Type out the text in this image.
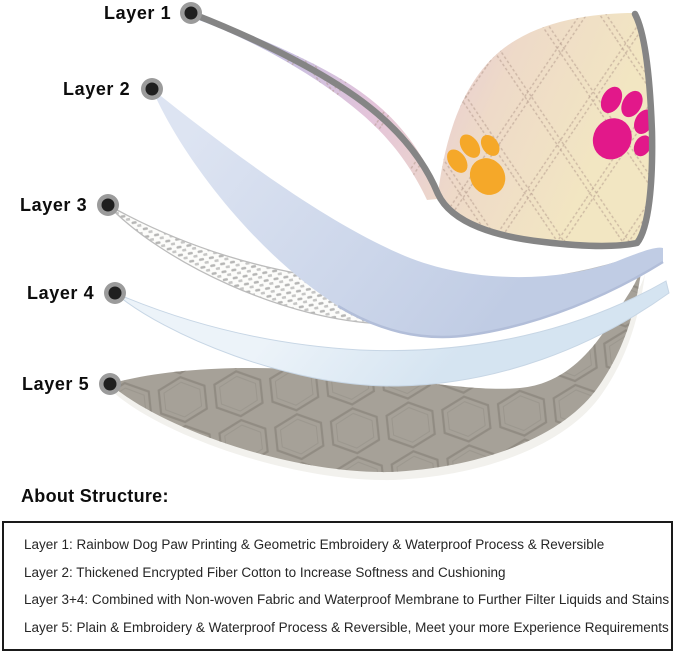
Layer 1
Layer 2
Layer 3
Layer 4
Layer 5
About Structure:
Layer 1: Rainbow Dog Paw Printing & Geometric Embroidery & Waterproof Process & Reversible
Layer 2: Thickened Encrypted Fiber Cotton to Increase Softness and Cushioning
Layer 3+4: Combined with Non-woven Fabric and Waterproof Membrane to Further Filter Liquids and Stains
Layer 5: Plain & Embroidery & Waterproof Process & Reversible, Meet your more Experience Requirements
